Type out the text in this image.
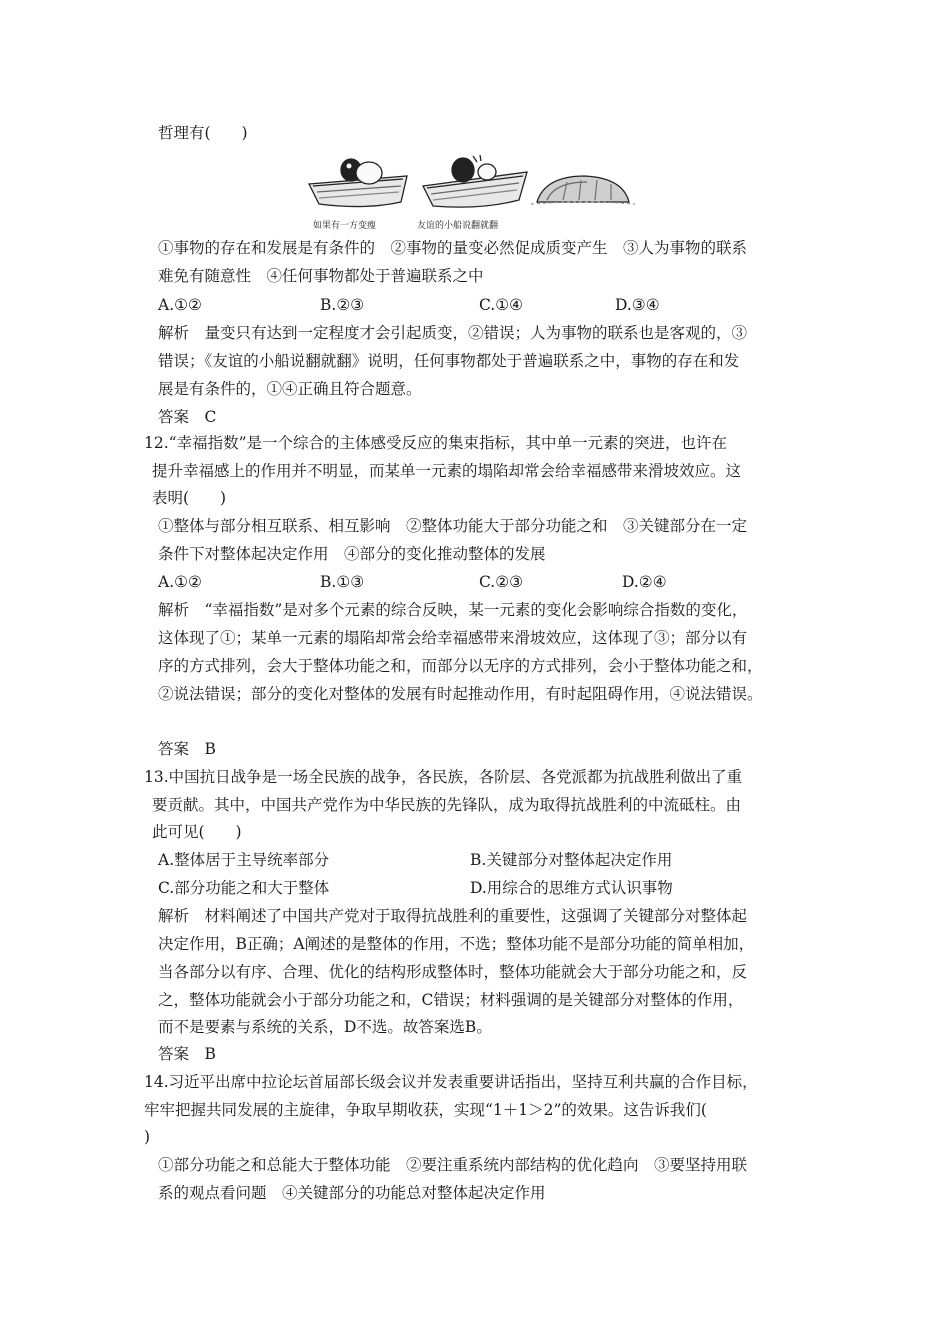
哲理有(　　)
如果有一方变瘦	友谊的小船说翻就翻
①事物的存在和发展是有条件的　②事物的量变必然促成质变产生　③人为事物的联系
难免有随意性　④任何事物都处于普遍联系之中
A.①②	B.②③	C.①④	D.③④
解析　量变只有达到一定程度才会引起质变，②错误；人为事物的联系也是客观的，③
错误；《友谊的小船说翻就翻》说明，任何事物都处于普遍联系之中，事物的存在和发
展是有条件的，①④正确且符合题意。
答案　C
12.“幸福指数”是一个综合的主体感受反应的集束指标，其中单一元素的突进，也许在
提升幸福感上的作用并不明显，而某单一元素的塌陷却常会给幸福感带来滑坡效应。这
表明(　　)
①整体与部分相互联系、相互影响　②整体功能大于部分功能之和　③关键部分在一定
条件下对整体起决定作用　④部分的变化推动整体的发展
A.①②	B.①③	C.②③	D.②④
解析　“幸福指数”是对多个元素的综合反映，某一元素的变化会影响综合指数的变化，
这体现了①；某单一元素的塌陷却常会给幸福感带来滑坡效应，这体现了③；部分以有
序的方式排列，会大于整体功能之和，而部分以无序的方式排列，会小于整体功能之和，
②说法错误；部分的变化对整体的发展有时起推动作用，有时起阻碍作用，④说法错误。
答案　B
13.中国抗日战争是一场全民族的战争，各民族，各阶层、各党派都为抗战胜利做出了重
要贡献。其中，中国共产党作为中华民族的先锋队，成为取得抗战胜利的中流砥柱。由
此可见(　　)
A.整体居于主导统率部分	B.关键部分对整体起决定作用
C.部分功能之和大于整体	D.用综合的思维方式认识事物
解析　材料阐述了中国共产党对于取得抗战胜利的重要性，这强调了关键部分对整体起
决定作用，B正确；A阐述的是整体的作用，不选；整体功能不是部分功能的简单相加，
当各部分以有序、合理、优化的结构形成整体时，整体功能就会大于部分功能之和，反
之，整体功能就会小于部分功能之和，C错误；材料强调的是关键部分对整体的作用，
而不是要素与系统的关系，D不选。故答案选B。
答案　B
14.习近平出席中拉论坛首届部长级会议并发表重要讲话指出，坚持互利共赢的合作目标，
牢牢把握共同发展的主旋律，争取早期收获，实现“1＋1＞2”的效果。这告诉我们(
)
①部分功能之和总能大于整体功能　②要注重系统内部结构的优化趋向　③要坚持用联
系的观点看问题　④关键部分的功能总对整体起决定作用
